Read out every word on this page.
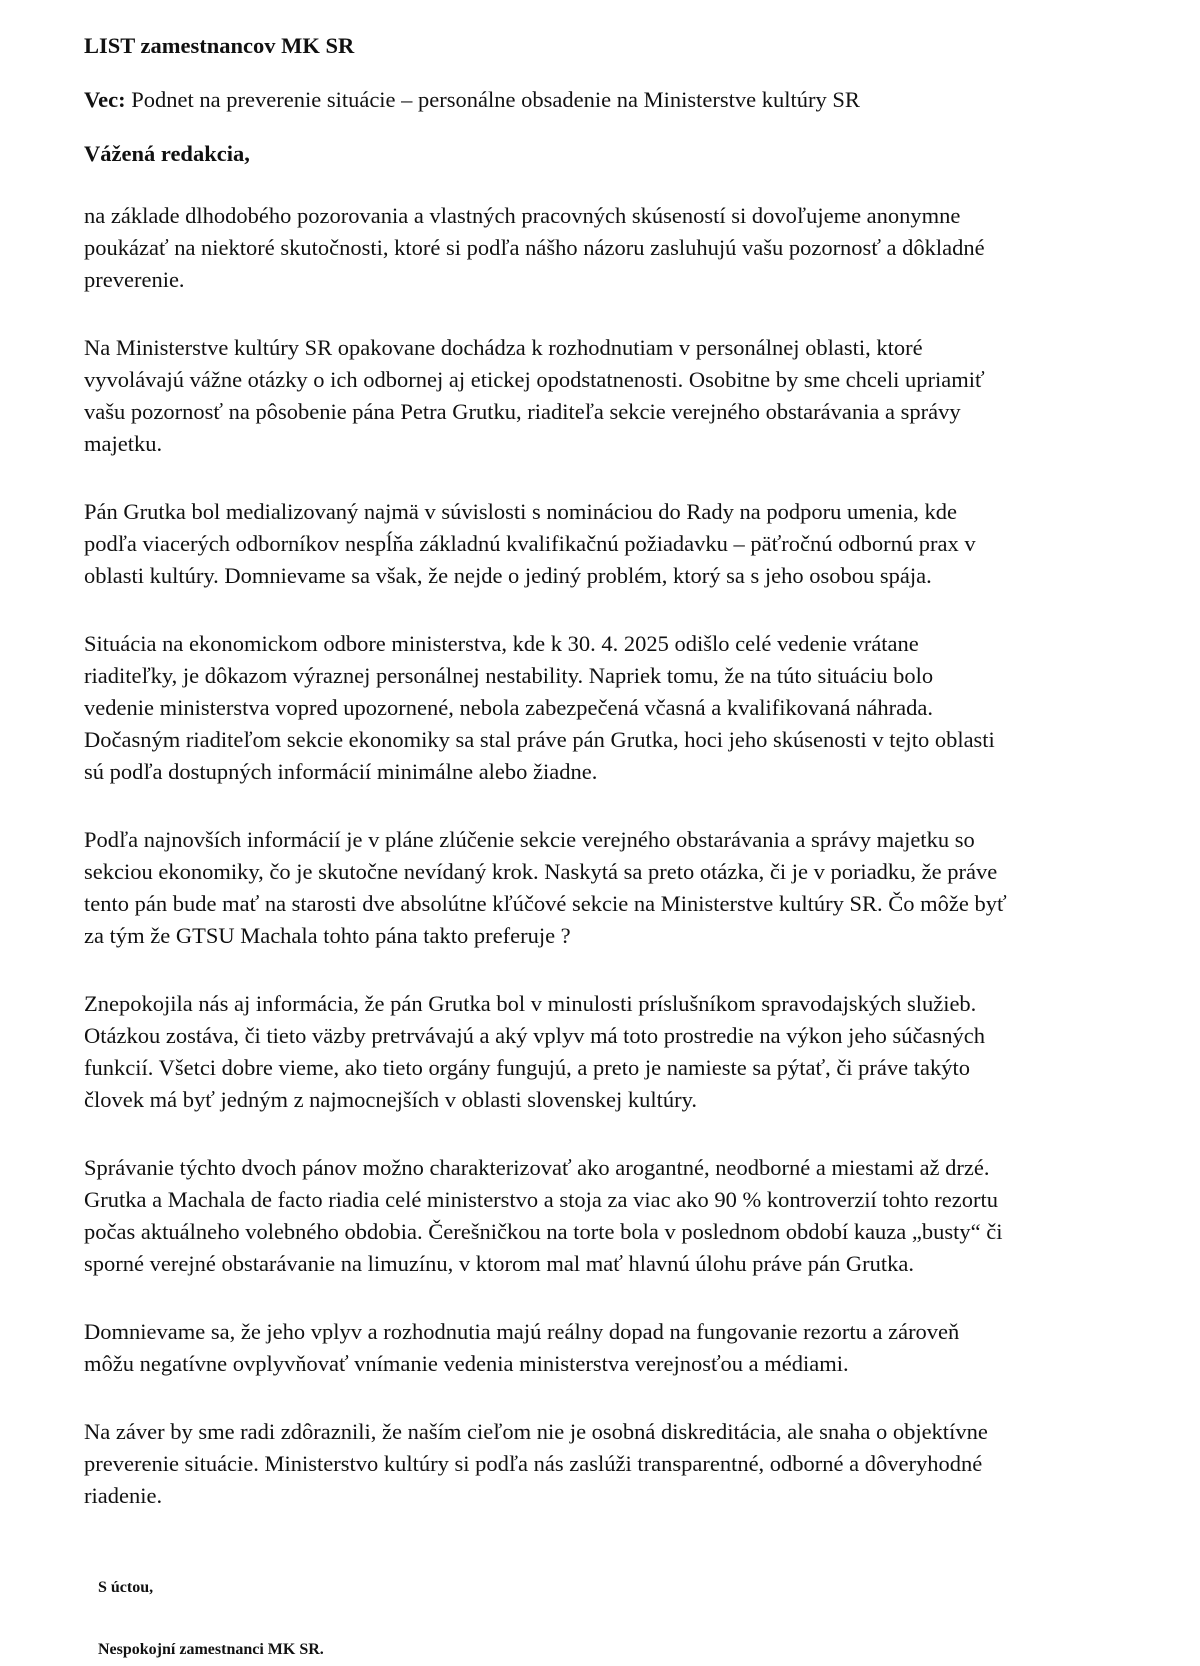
LIST zamestnancov MK SR

Vec: Podnet na preverenie situácie – personálne obsadenie na Ministerstve kultúry SR

Vážená redakcia,

na základe dlhodobého pozorovania a vlastných pracovných skúseností si dovoľujeme anonymne

poukázať na niektoré skutočnosti, ktoré si podľa nášho názoru zasluhujú vašu pozornosť a dôkladné

preverenie.

Na Ministerstve kultúry SR opakovane dochádza k rozhodnutiam v personálnej oblasti, ktoré

vyvolávajú vážne otázky o ich odbornej aj etickej opodstatnenosti. Osobitne by sme chceli upriamiť

vašu pozornosť na pôsobenie pána Petra Grutku, riaditeľa sekcie verejného obstarávania a správy

majetku.

Pán Grutka bol medializovaný najmä v súvislosti s nomináciou do Rady na podporu umenia, kde

podľa viacerých odborníkov nespĺňa základnú kvalifikačnú požiadavku – päťročnú odbornú prax v

oblasti kultúry. Domnievame sa však, že nejde o jediný problém, ktorý sa s jeho osobou spája.

Situácia na ekonomickom odbore ministerstva, kde k 30. 4. 2025 odišlo celé vedenie vrátane

riaditeľky, je dôkazom výraznej personálnej nestability. Napriek tomu, že na túto situáciu bolo

vedenie ministerstva vopred upozornené, nebola zabezpečená včasná a kvalifikovaná náhrada.

Dočasným riaditeľom sekcie ekonomiky sa stal práve pán Grutka, hoci jeho skúsenosti v tejto oblasti

sú podľa dostupných informácií minimálne alebo žiadne.

Podľa najnovších informácií je v pláne zlúčenie sekcie verejného obstarávania a správy majetku so

sekciou ekonomiky, čo je skutočne nevídaný krok. Naskytá sa preto otázka, či je v poriadku, že práve

tento pán bude mať na starosti dve absolútne kľúčové sekcie na Ministerstve kultúry SR. Čo môže byť

za tým že GTSU Machala tohto pána takto preferuje ?

Znepokojila nás aj informácia, že pán Grutka bol v minulosti príslušníkom spravodajských služieb.

Otázkou zostáva, či tieto väzby pretrvávajú a aký vplyv má toto prostredie na výkon jeho súčasných

funkcií. Všetci dobre vieme, ako tieto orgány fungujú, a preto je namieste sa pýtať, či práve takýto

človek má byť jedným z najmocnejších v oblasti slovenskej kultúry.

Správanie týchto dvoch pánov možno charakterizovať ako arogantné, neodborné a miestami až drzé.

Grutka a Machala de facto riadia celé ministerstvo a stoja za viac ako 90 % kontroverzií tohto rezortu

počas aktuálneho volebného obdobia. Čerešničkou na torte bola v poslednom období kauza „busty“ či

sporné verejné obstarávanie na limuzínu, v ktorom mal mať hlavnú úlohu práve pán Grutka.

Domnievame sa, že jeho vplyv a rozhodnutia majú reálny dopad na fungovanie rezortu a zároveň

môžu negatívne ovplyvňovať vnímanie vedenia ministerstva verejnosťou a médiami.

Na záver by sme radi zdôraznili, že naším cieľom nie je osobná diskreditácia, ale snaha o objektívne

preverenie situácie. Ministerstvo kultúry si podľa nás zaslúži transparentné, odborné a dôveryhodné

riadenie.

S úctou,

Nespokojní zamestnanci MK SR.
